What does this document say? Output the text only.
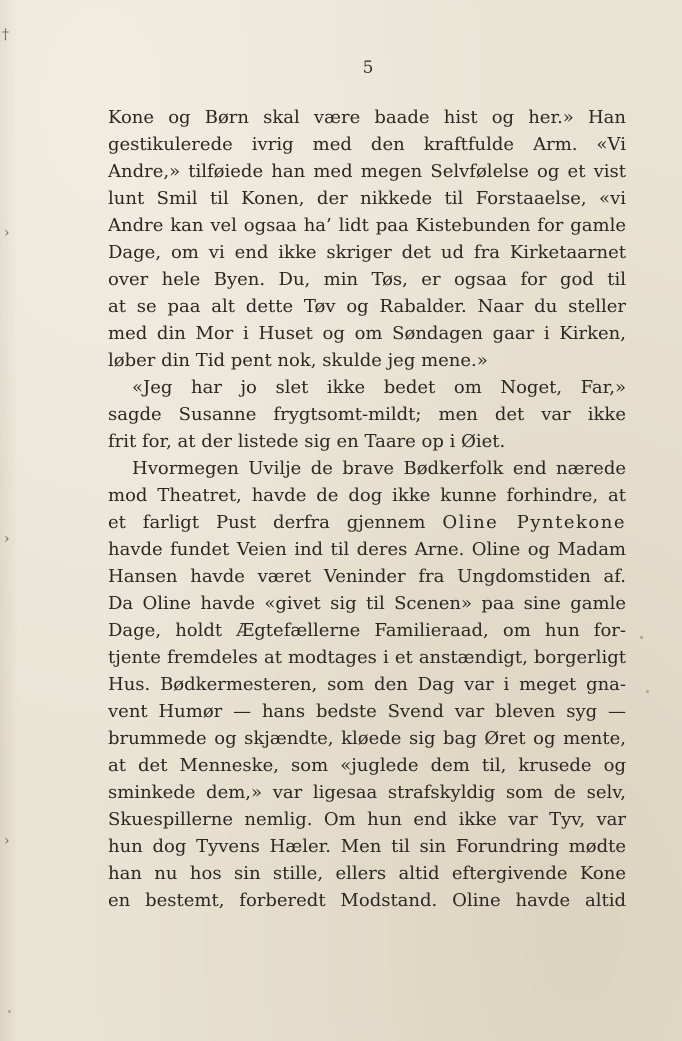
†
›
›
›
5
Kone og Børn skal være baade hist og her.» Han
gestikulerede ivrig med den kraftfulde Arm. «Vi
Andre,» tilføiede han med megen Selvfølelse og et vist
lunt Smil til Konen, der nikkede til Forstaaelse, «vi
Andre kan vel ogsaa ha’ lidt paa Kistebunden for gamle
Dage, om vi end ikke skriger det ud fra Kirketaarnet
over hele Byen. Du, min Tøs, er ogsaa for god til
at se paa alt dette Tøv og Rabalder. Naar du steller
med din Mor i Huset og om Søndagen gaar i Kirken,
løber din Tid pent nok, skulde jeg mene.»
«Jeg har jo slet ikke bedet om Noget, Far,»
sagde Susanne frygtsomt-mildt; men det var ikke
frit for, at der listede sig en Taare op i Øiet.
Hvormegen Uvilje de brave Bødkerfolk end nærede
mod Theatret, havde de dog ikke kunne forhindre, at
et farligt Pust derfra gjennem Oline Pyntekone
havde fundet Veien ind til deres Arne. Oline og Madam
Hansen havde været Veninder fra Ungdomstiden af.
Da Oline havde «givet sig til Scenen» paa sine gamle
Dage, holdt Ægtefællerne Familieraad, om hun for-
tjente fremdeles at modtages i et anstændigt, borgerligt
Hus. Bødkermesteren, som den Dag var i meget gna-
vent Humør — hans bedste Svend var bleven syg —
brummede og skjændte, kløede sig bag Øret og mente,
at det Menneske, som «juglede dem til, krusede og
sminkede dem,» var ligesaa strafskyldig som de selv,
Skuespillerne nemlig. Om hun end ikke var Tyv, var
hun dog Tyvens Hæler. Men til sin Forundring mødte
han nu hos sin stille, ellers altid eftergivende Kone
en bestemt, forberedt Modstand. Oline havde altid
